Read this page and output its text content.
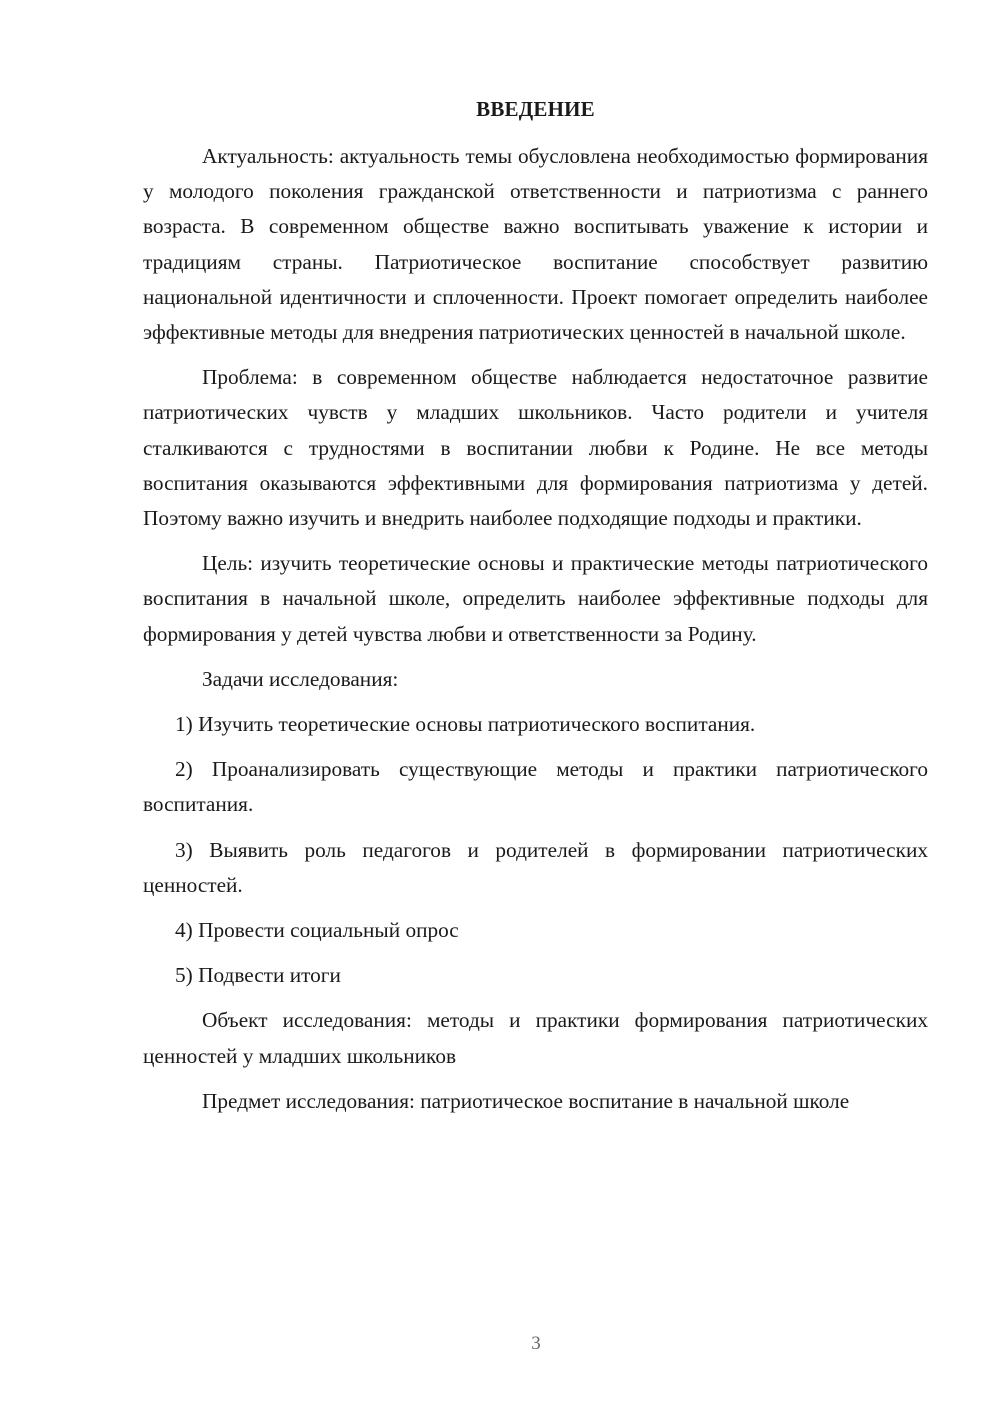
ВВЕДЕНИЕ

Актуальность: актуальность темы обусловлена необходимостью формирования у молодого поколения гражданской ответственности и патриотизма с раннего возраста. В современном обществе важно воспитывать уважение к истории и традициям страны. Патриотическое воспитание способствует развитию национальной идентичности и сплоченности. Проект помогает определить наиболее эффективные методы для внедрения патриотических ценностей в начальной школе.

Проблема: в современном обществе наблюдается недостаточное развитие патриотических чувств у младших школьников. Часто родители и учителя сталкиваются с трудностями в воспитании любви к Родине. Не все методы воспитания оказываются эффективными для формирования патриотизма у детей. Поэтому важно изучить и внедрить наиболее подходящие подходы и практики.

Цель: изучить теоретические основы и практические методы патриотического воспитания в начальной школе, определить наиболее эффективные подходы для формирования у детей чувства любви и ответственности за Родину.

Задачи исследования:

1) Изучить теоретические основы патриотического воспитания.

2) Проанализировать существующие методы и практики патриотического воспитания.

3) Выявить роль педагогов и родителей в формировании патриотических ценностей.

4) Провести социальный опрос

5) Подвести итоги

Объект исследования: методы и практики формирования патриотических ценностей у младших школьников

Предмет исследования: патриотическое воспитание в начальной школе

3
